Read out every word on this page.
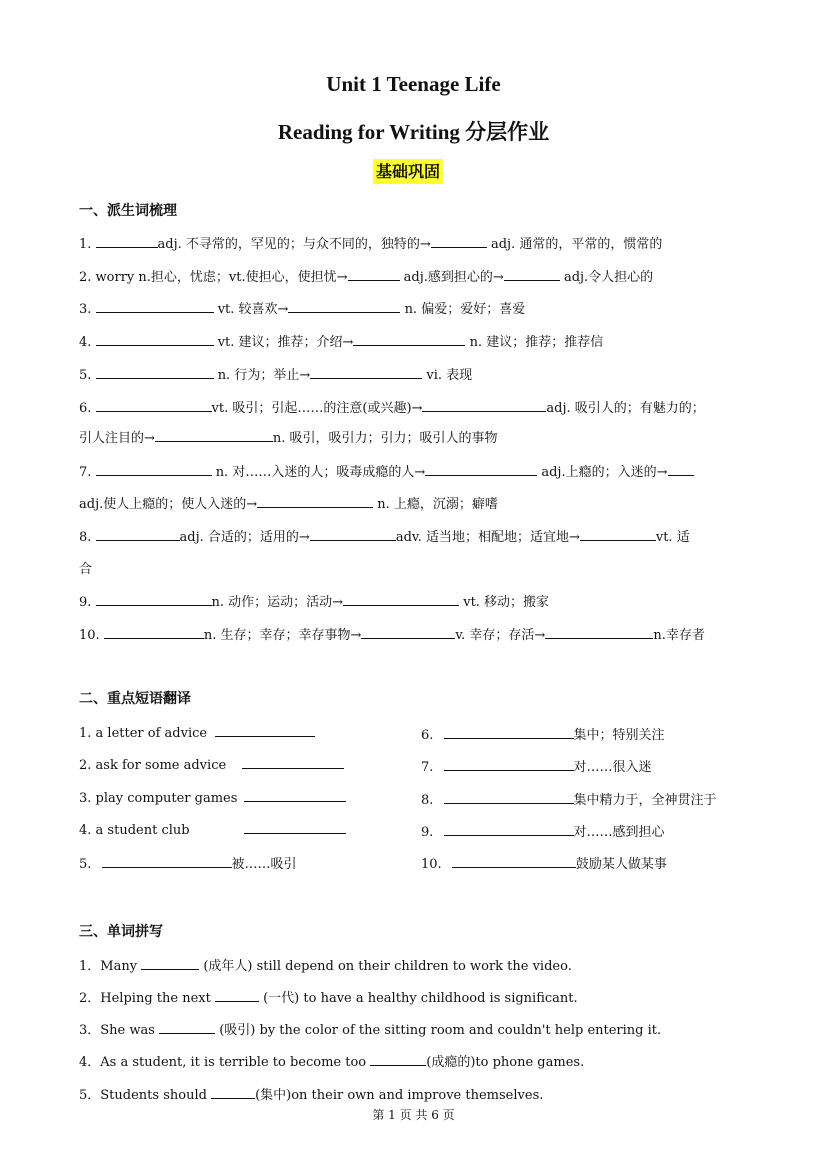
Unit 1 Teenage Life
Reading for Writing 分层作业
基础巩固
一、派生词梳理
1.	adj. 不寻常的，罕见的；与众不同的，独特的→	adj. 通常的，平常的，惯常的
2. worry n.担心，忧虑；vt.使担心，使担忧→	adj.感到担心的→	adj.令人担心的
3.	vt. 较喜欢→	n. 偏爱；爱好；喜爱
4.	vt. 建议；推荐；介绍→	n. 建议；推荐；推荐信
5.	n. 行为；举止→	vi. 表现
6.	vt. 吸引；引起……的注意(或兴趣)→	adj. 吸引人的；有魅力的；
引人注目的→	n. 吸引，吸引力；引力；吸引人的事物
7.	n. 对……入迷的人；吸毒成瘾的人→	adj.上瘾的；入迷的→
adj.使人上瘾的；使人入迷的→	n. 上瘾，沉溺；癖嗜
8.	adj. 合适的；适用的→	adv. 适当地；相配地；适宜地→	vt. 适
合
9.	n. 动作；运动；活动→	vt. 移动；搬家
10.	n. 生存；幸存；幸存事物→	v. 幸存；存活→	n.幸存者
二、重点短语翻译
1. a letter of advice
2. ask for some advice
3. play computer games
4. a student club
5.	被……吸引
6.	集中；特别关注
7.	对……很入迷
8.	集中精力于，全神贯注于
9.	对……感到担心
10.	鼓励某人做某事
三、单词拼写
1．Many	(成年人) still depend on their children to work the video.
2．Helping the next	(一代) to have a healthy childhood is significant.
3．She was	(吸引) by the color of the sitting room and couldn't help entering it.
4．As a student, it is terrible to become too	(成瘾的)to phone games.
5．Students should	(集中)on their own and improve themselves.
第 1 页 共 6 页
